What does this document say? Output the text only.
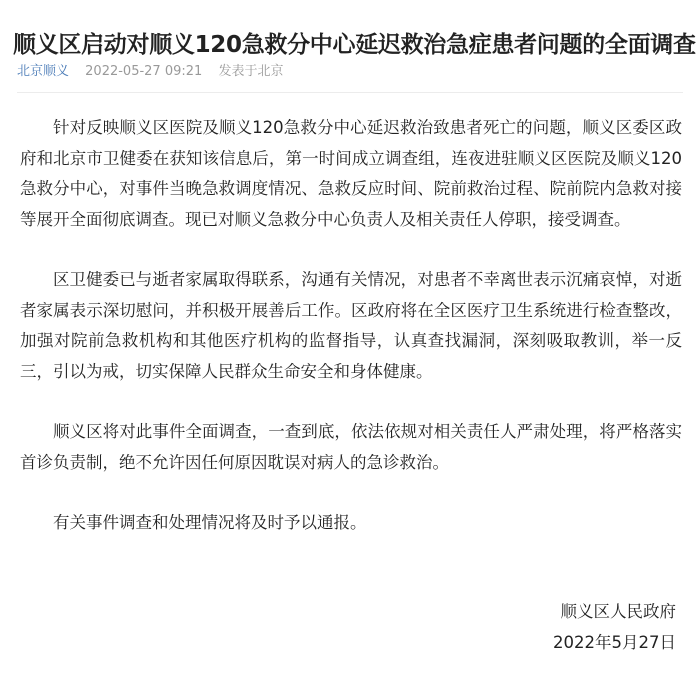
顺义区启动对顺义120急救分中心延迟救治急症患者问题的全面调查
北京顺义 2022-05-27 09:21 发表于北京

针对反映顺义区医院及顺义120急救分中心延迟救治致患者死亡的问题，顺义区委区政府和北京市卫健委在获知该信息后，第一时间成立调查组，连夜进驻顺义区医院及顺义120急救分中心，对事件当晚急救调度情况、急救反应时间、院前救治过程、院前院内急救对接等展开全面彻底调查。现已对顺义急救分中心负责人及相关责任人停职，接受调查。

区卫健委已与逝者家属取得联系，沟通有关情况，对患者不幸离世表示沉痛哀悼，对逝者家属表示深切慰问，并积极开展善后工作。区政府将在全区医疗卫生系统进行检查整改，加强对院前急救机构和其他医疗机构的监督指导，认真查找漏洞，深刻吸取教训，举一反三，引以为戒，切实保障人民群众生命安全和身体健康。

顺义区将对此事件全面调查，一查到底，依法依规对相关责任人严肃处理，将严格落实首诊负责制，绝不允许因任何原因耽误对病人的急诊救治。

有关事件调查和处理情况将及时予以通报。

顺义区人民政府
2022年5月27日
